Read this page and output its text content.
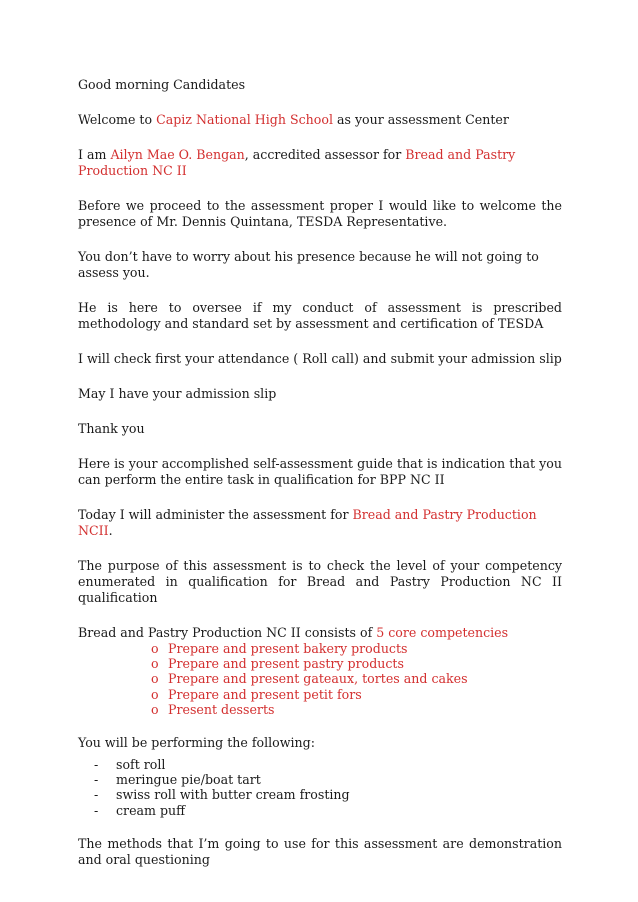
Good morning Candidates

Welcome to Capiz National High School as your assessment Center

I am Ailyn Mae O. Bengan, accredited assessor for Bread and Pastry Production NC II

Before we proceed to the assessment proper I would like to welcome the presence of Mr. Dennis Quintana, TESDA Representative.

You don’t have to worry about his presence because he will not going to assess you.

He is here to oversee if my conduct of assessment is prescribed methodology and standard set by assessment and certification of TESDA

I will check first your attendance ( Roll call) and submit your admission slip

May I have your admission slip

Thank you

Here is your accomplished self-assessment guide that is indication that you can perform the entire task in qualification for BPP NC II

Today I will administer the assessment for Bread and Pastry Production NCII.

The purpose of this assessment is to check the level of your competency enumerated in qualification for Bread and Pastry Production NC II qualification

Bread and Pastry Production NC II consists of 5 core competencies

o Prepare and present bakery products
o Prepare and present pastry products
o Prepare and present gateaux, tortes and cakes
o Prepare and present petit fors
o Present desserts

You will be performing the following:

- soft roll
- meringue pie/boat tart
- swiss roll with butter cream frosting
- cream puff

The methods that I’m going to use for this assessment are demonstration and oral questioning
